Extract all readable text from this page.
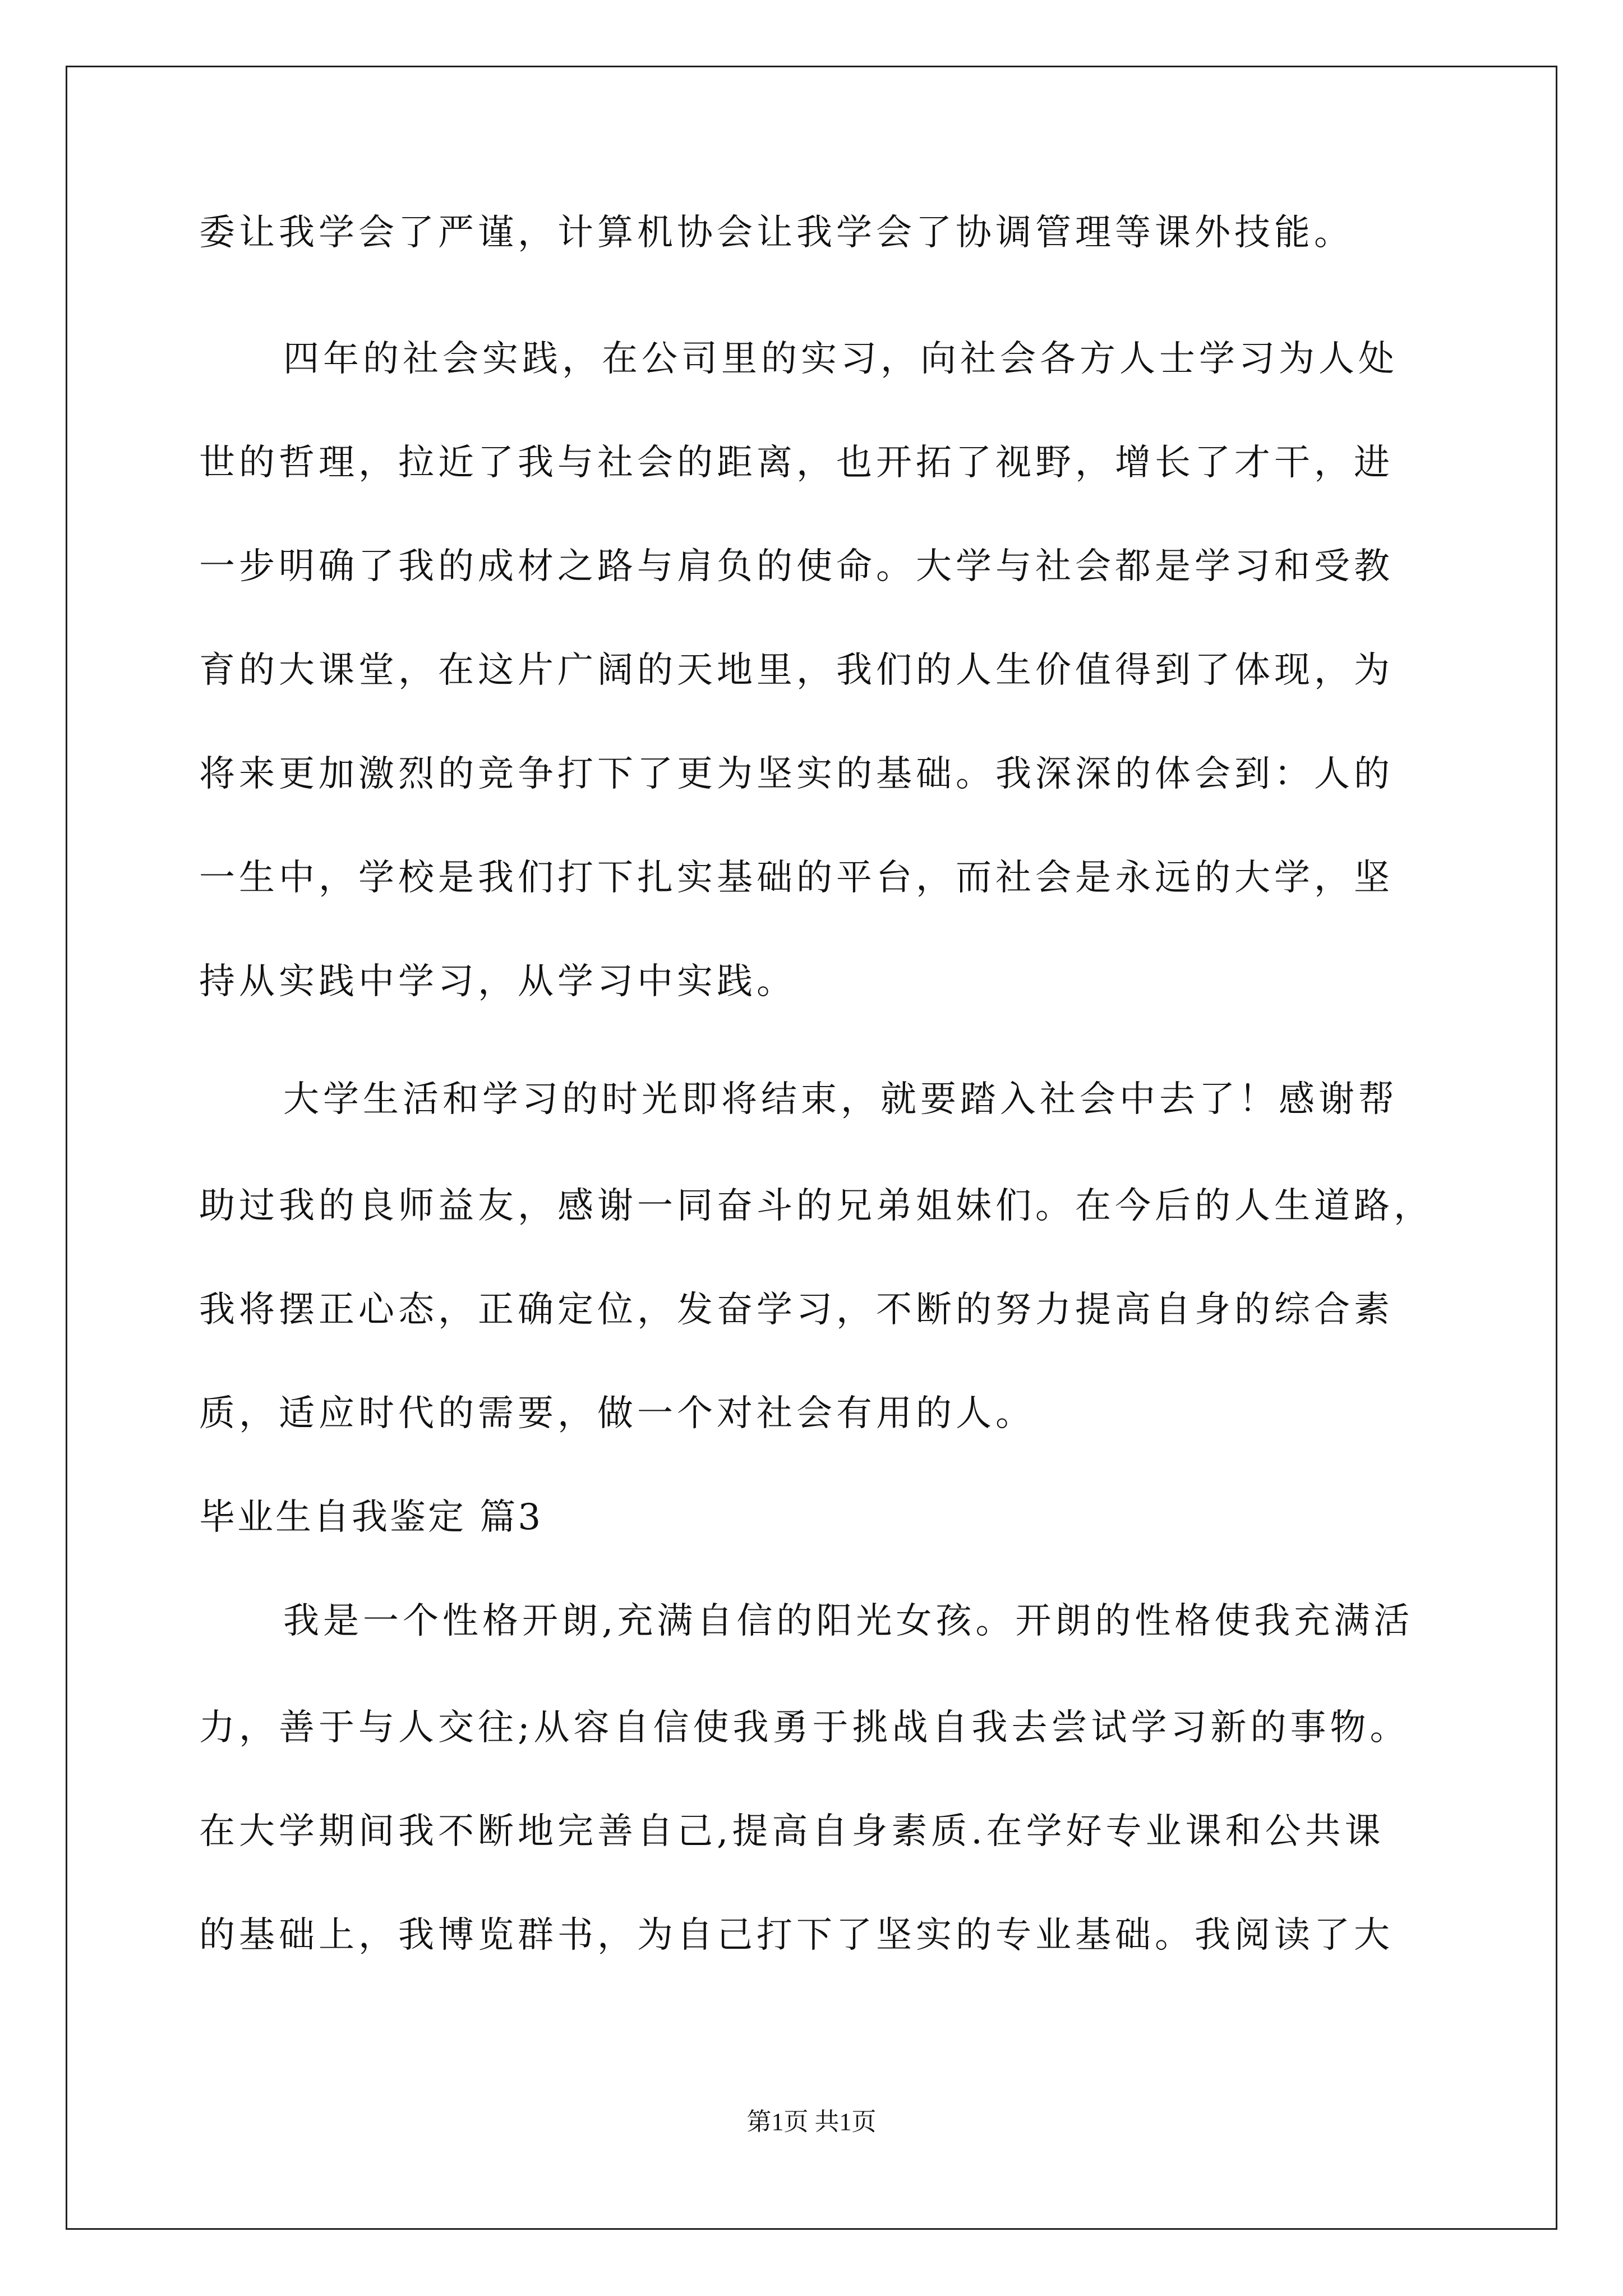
委让我学会了严谨，计算机协会让我学会了协调管理等课外技能。
四年的社会实践，在公司里的实习，向社会各方人士学习为人处
世的哲理，拉近了我与社会的距离，也开拓了视野，增长了才干，进
一步明确了我的成材之路与肩负的使命。大学与社会都是学习和受教
育的大课堂，在这片广阔的天地里，我们的人生价值得到了体现，为
将来更加激烈的竞争打下了更为坚实的基础。我深深的体会到：人的
一生中，学校是我们打下扎实基础的平台，而社会是永远的大学，坚
持从实践中学习，从学习中实践。
大学生活和学习的时光即将结束，就要踏入社会中去了！感谢帮
助过我的良师益友，感谢一同奋斗的兄弟姐妹们。在今后的人生道路，
我将摆正心态，正确定位，发奋学习，不断的努力提高自身的综合素
质，适应时代的需要，做一个对社会有用的人。
毕业生自我鉴定 篇3
我是一个性格开朗,充满自信的阳光女孩。开朗的性格使我充满活
力，善于与人交往;从容自信使我勇于挑战自我去尝试学习新的事物。
在大学期间我不断地完善自己,提高自身素质.在学好专业课和公共课
的基础上，我博览群书，为自己打下了坚实的专业基础。我阅读了大
第1页 共1页
